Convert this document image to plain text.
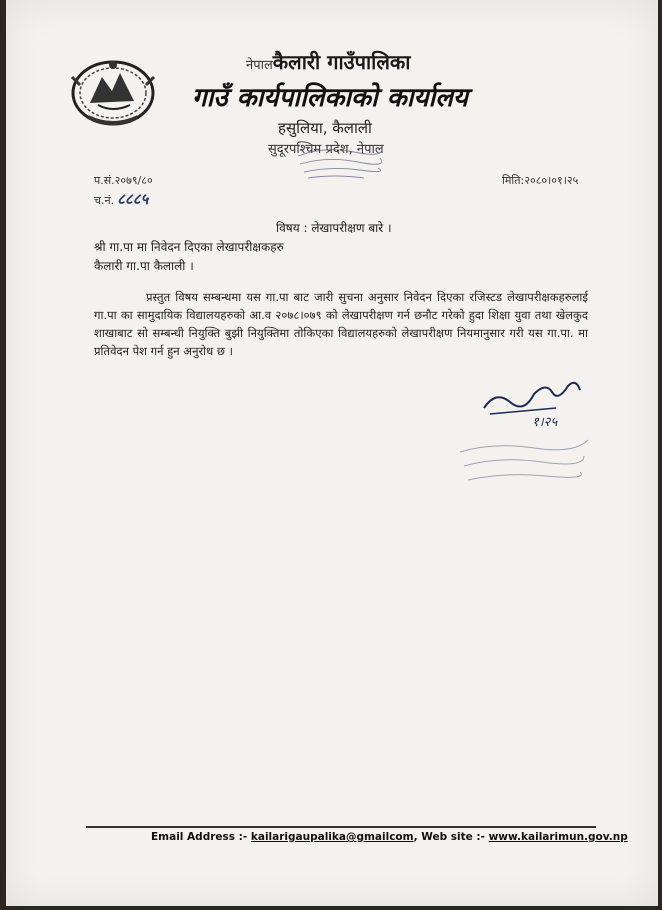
नेपालकैलारी गाउँपालिका
गाउँ कार्यपालिकाको कार्यालय
हसुलिया, कैलाली
सुदूरपश्चिम प्रदेश, नेपाल
प.सं.२०७९/८०
च.नं. ८८८५
मिति:२०८०।०१।२५
विषय : लेखापरीक्षण बारे ।
श्री गा.पा मा निवेदन दिएका लेखापरीक्षकहरु
कैलारी गा.पा कैलाली ।
प्रस्तुत विषय सम्बन्धमा यस गा.पा बाट जारी सुचना अनुसार निवेदन दिएका रजिस्टड लेखापरीक्षकहरुलाई गा.पा का सामुदायिक विद्यालयहरुको आ.व २०७८।०७९ को लेखापरीक्षण गर्न छनौट गरेको हुदा शिक्षा युवा तथा खेलकुद शाखाबाट सो सम्बन्धी नियुक्ति बुझी नियुक्तिमा तोकिएका विद्यालयहरुको लेखापरीक्षण नियमानुसार गरी यस गा.पा. मा प्रतिवेदन पेश गर्न हुन अनुरोध छ ।
१।२५
Email Address :- kailarigaupalika@gmailcom, Web site :- www.kailarimun.gov.np
